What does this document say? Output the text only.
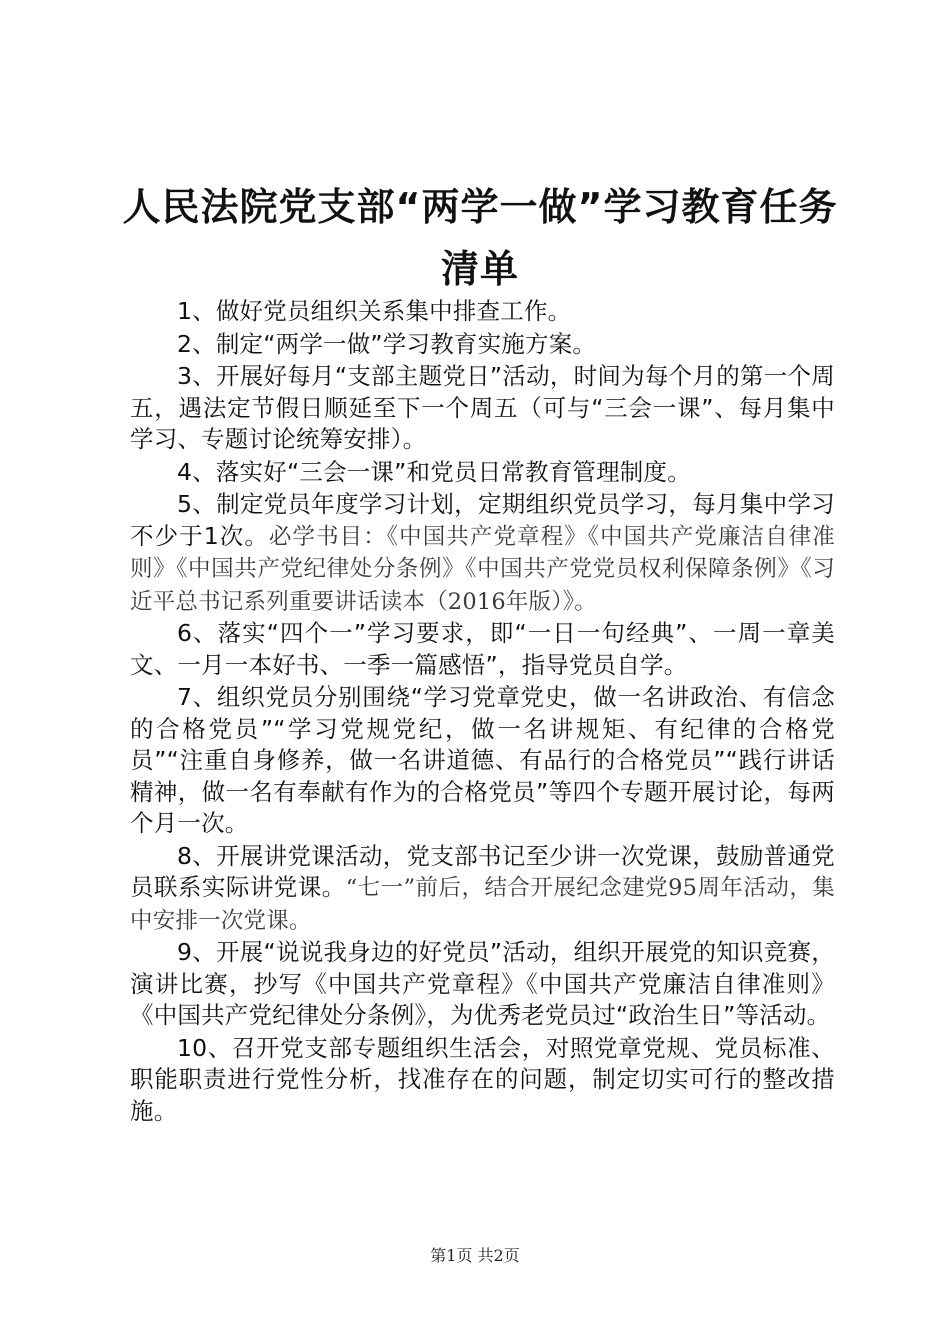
人民法院党支部“两学一做”学习教育任务清单

1、做好党员组织关系集中排查工作。

2、制定“两学一做”学习教育实施方案。

3、开展好每月“支部主题党日”活动，时间为每个月的第一个周五，遇法定节假日顺延至下一个周五（可与“三会一课”、每月集中学习、专题讨论统筹安排）。

4、落实好“三会一课”和党员日常教育管理制度。

5、制定党员年度学习计划，定期组织党员学习，每月集中学习不少于1次。必学书目：《中国共产党章程》《中国共产党廉洁自律准则》《中国共产党纪律处分条例》《中国共产党党员权利保障条例》《习近平总书记系列重要讲话读本（2016年版）》。

6、落实“四个一”学习要求，即“一日一句经典”、一周一章美文、一月一本好书、一季一篇感悟”，指导党员自学。

7、组织党员分别围绕“学习党章党史，做一名讲政治、有信念的合格党员”“学习党规党纪，做一名讲规矩、有纪律的合格党员”“注重自身修养，做一名讲道德、有品行的合格党员”“践行讲话精神，做一名有奉献有作为的合格党员”等四个专题开展讨论，每两个月一次。

8、开展讲党课活动，党支部书记至少讲一次党课，鼓励普通党员联系实际讲党课。“七一”前后，结合开展纪念建党95周年活动，集中安排一次党课。

9、开展“说说我身边的好党员”活动，组织开展党的知识竞赛，演讲比赛，抄写《中国共产党章程》《中国共产党廉洁自律准则》《中国共产党纪律处分条例》，为优秀老党员过“政治生日”等活动。

10、召开党支部专题组织生活会，对照党章党规、党员标准、职能职责进行党性分析，找准存在的问题，制定切实可行的整改措施。

第1页 共2页
